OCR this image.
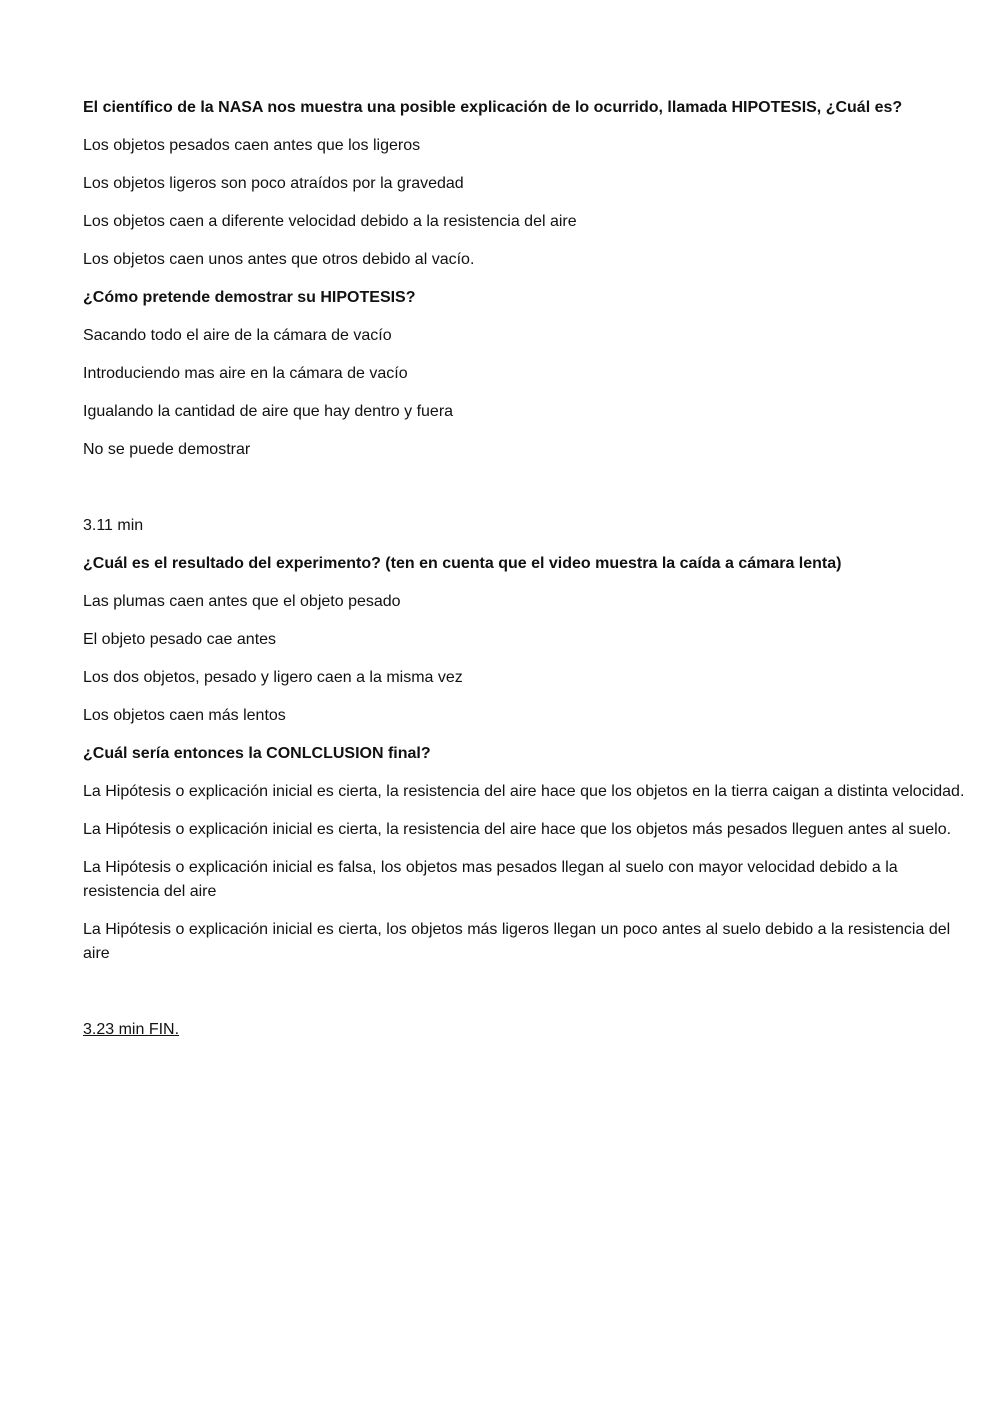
El científico de la NASA nos muestra una posible explicación de lo ocurrido, llamada HIPOTESIS, ¿Cuál es?

Los objetos pesados caen antes que los ligeros

Los objetos ligeros son poco atraídos por la gravedad

Los objetos caen a diferente velocidad debido a la resistencia del aire

Los objetos caen unos antes que otros debido al vacío.

¿Cómo pretende demostrar su HIPOTESIS?

Sacando todo el aire de la cámara de vacío

Introduciendo mas aire en la cámara de vacío

Igualando la cantidad de aire que hay dentro y fuera

No se puede demostrar

3.11 min

¿Cuál es el resultado del experimento? (ten en cuenta que el video muestra la caída a cámara lenta)

Las plumas caen antes que el objeto pesado

El objeto pesado cae antes

Los dos objetos, pesado y ligero caen a la misma vez

Los objetos caen más lentos

¿Cuál sería entonces la CONLCLUSION final?

La Hipótesis o explicación inicial es cierta, la resistencia del aire hace que los objetos en la tierra caigan a distinta velocidad.

La Hipótesis o explicación inicial es cierta, la resistencia del aire hace que los objetos más pesados lleguen antes al suelo.

La Hipótesis o explicación inicial es falsa, los objetos mas pesados llegan al suelo con mayor velocidad debido a la resistencia del aire

La Hipótesis o explicación inicial es cierta, los objetos más ligeros llegan un poco antes al suelo debido a la resistencia del aire

3.23 min FIN.
